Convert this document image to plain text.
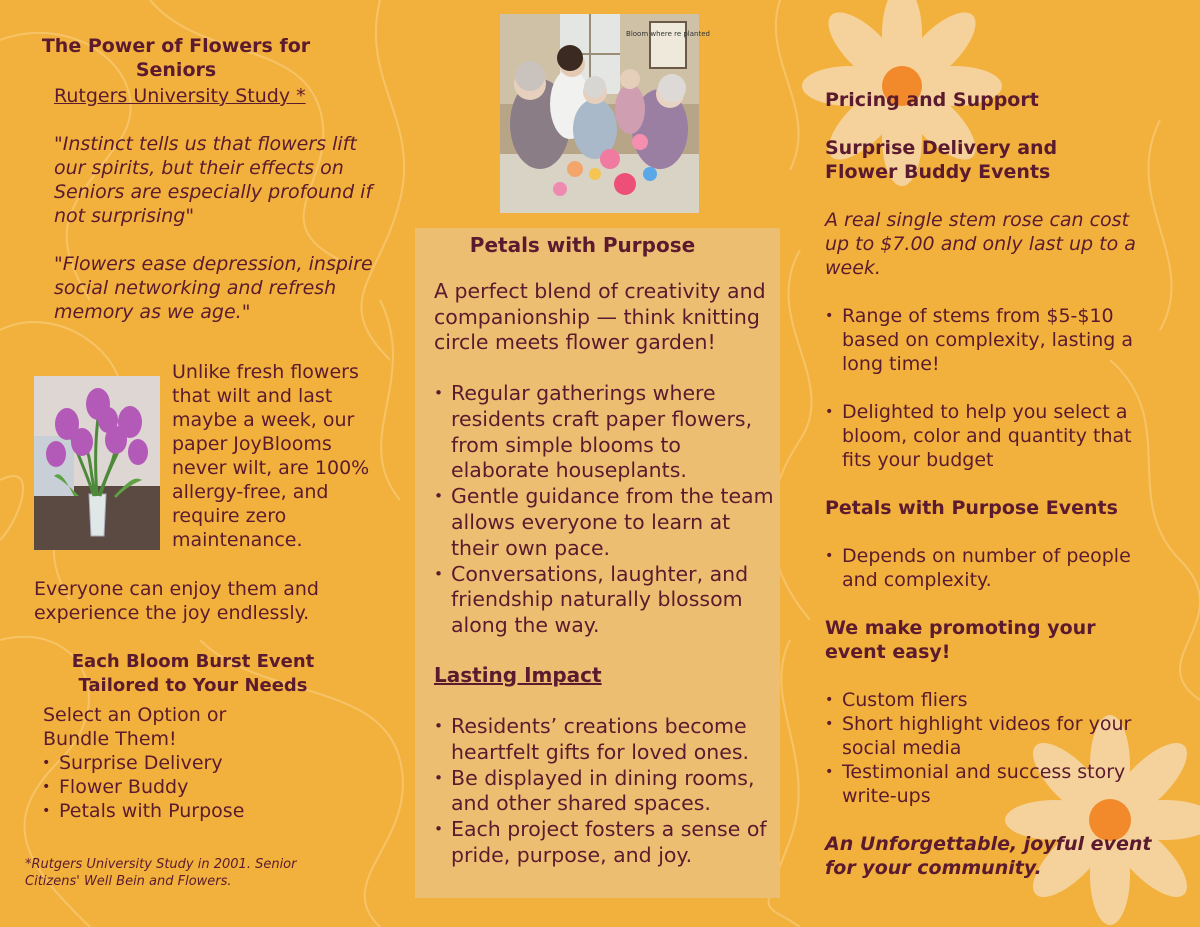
The Power of Flowers for Seniors
Rutgers University Study *

"Instinct tells us that flowers lift our spirits, but their effects on Seniors are especially profound if not surprising"

"Flowers ease depression, inspire social networking and refresh memory as we age."

Unlike fresh flowers that wilt and last maybe a week, our paper JoyBlooms never wilt, are 100% allergy-free, and require zero maintenance.

Everyone can enjoy them and experience the joy endlessly.

Each Bloom Burst Event Tailored to Your Needs

Select an Option or Bundle Them!

• Surprise Delivery
• Flower Buddy
• Petals with Purpose

*Rutgers University Study in 2001. Senior Citizens' Well Bein and Flowers.

Bloom where re planted
Petals with Purpose

A perfect blend of creativity and companionship — think knitting circle meets flower garden!

• Regular gatherings where residents craft paper flowers, from simple blooms to elaborate houseplants.
• Gentle guidance from the team allows everyone to learn at their own pace.
• Conversations, laughter, and friendship naturally blossom along the way.
Lasting Impact
• Residents’ creations become heartfelt gifts for loved ones.
• Be displayed in dining rooms, and other shared spaces.
• Each project fosters a sense of pride, purpose, and joy.
Pricing and Support
Surprise Delivery and Flower Buddy Events

A real single stem rose can cost up to $7.00 and only last up to a week.

• Range of stems from $5-$10 based on complexity, lasting a long time!
• Delighted to help you select a bloom, color and quantity that fits your budget
Petals with Purpose Events
• Depends on number of people and complexity.
We make promoting your event easy!
• Custom fliers
• Short highlight videos for your social media
• Testimonial and success story write-ups

An Unforgettable, joyful event for your community.
